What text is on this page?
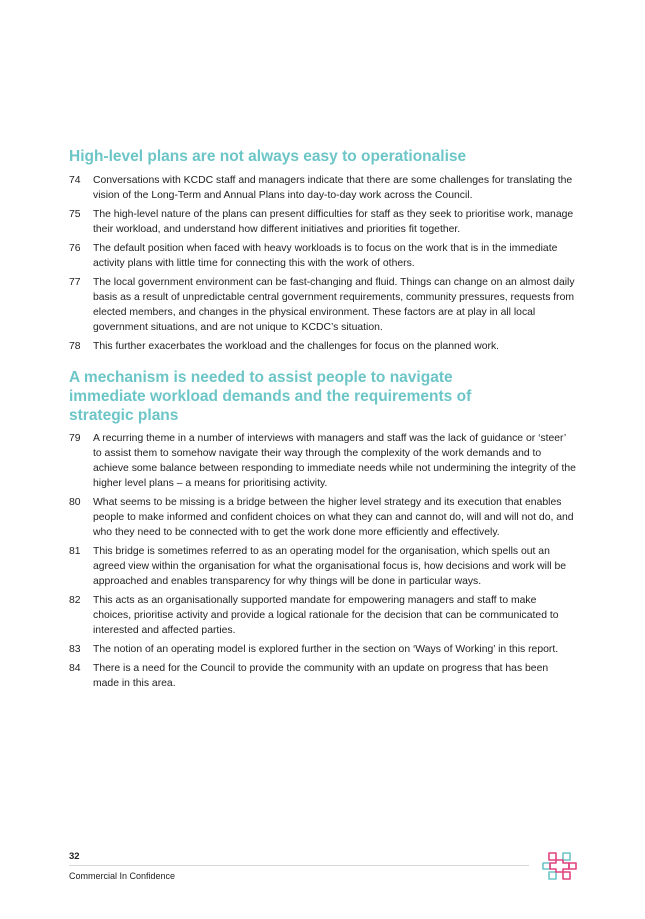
High-level plans are not always easy to operationalise
74	Conversations with KCDC staff and managers indicate that there are some challenges for translating the vision of the Long-Term and Annual Plans into day-to-day work across the Council.
75	The high-level nature of the plans can present difficulties for staff as they seek to prioritise work, manage their workload, and understand how different initiatives and priorities fit together.
76	The default position when faced with heavy workloads is to focus on the work that is in the immediate activity plans with little time for connecting this with the work of others.
77	The local government environment can be fast-changing and fluid. Things can change on an almost daily basis as a result of unpredictable central government requirements, community pressures, requests from elected members, and changes in the physical environment. These factors are at play in all local government situations, and are not unique to KCDC’s situation.
78	This further exacerbates the workload and the challenges for focus on the planned work.
A mechanism is needed to assist people to navigate immediate workload demands and the requirements of strategic plans
79	A recurring theme in a number of interviews with managers and staff was the lack of guidance or ‘steer’ to assist them to somehow navigate their way through the complexity of the work demands and to achieve some balance between responding to immediate needs while not undermining the integrity of the higher level plans – a means for prioritising activity.
80	What seems to be missing is a bridge between the higher level strategy and its execution that enables people to make informed and confident choices on what they can and cannot do, will and will not do, and who they need to be connected with to get the work done more efficiently and effectively.
81	This bridge is sometimes referred to as an operating model for the organisation, which spells out an agreed view within the organisation for what the organisational focus is, how decisions and work will be approached and enables transparency for why things will be done in particular ways.
82	This acts as an organisationally supported mandate for empowering managers and staff to make choices, prioritise activity and provide a logical rationale for the decision that can be communicated to interested and affected parties.
83	The notion of an operating model is explored further in the section on ‘Ways of Working’ in this report.
84	There is a need for the Council to provide the community with an update on progress that has been made in this area.
32
Commercial In Confidence
